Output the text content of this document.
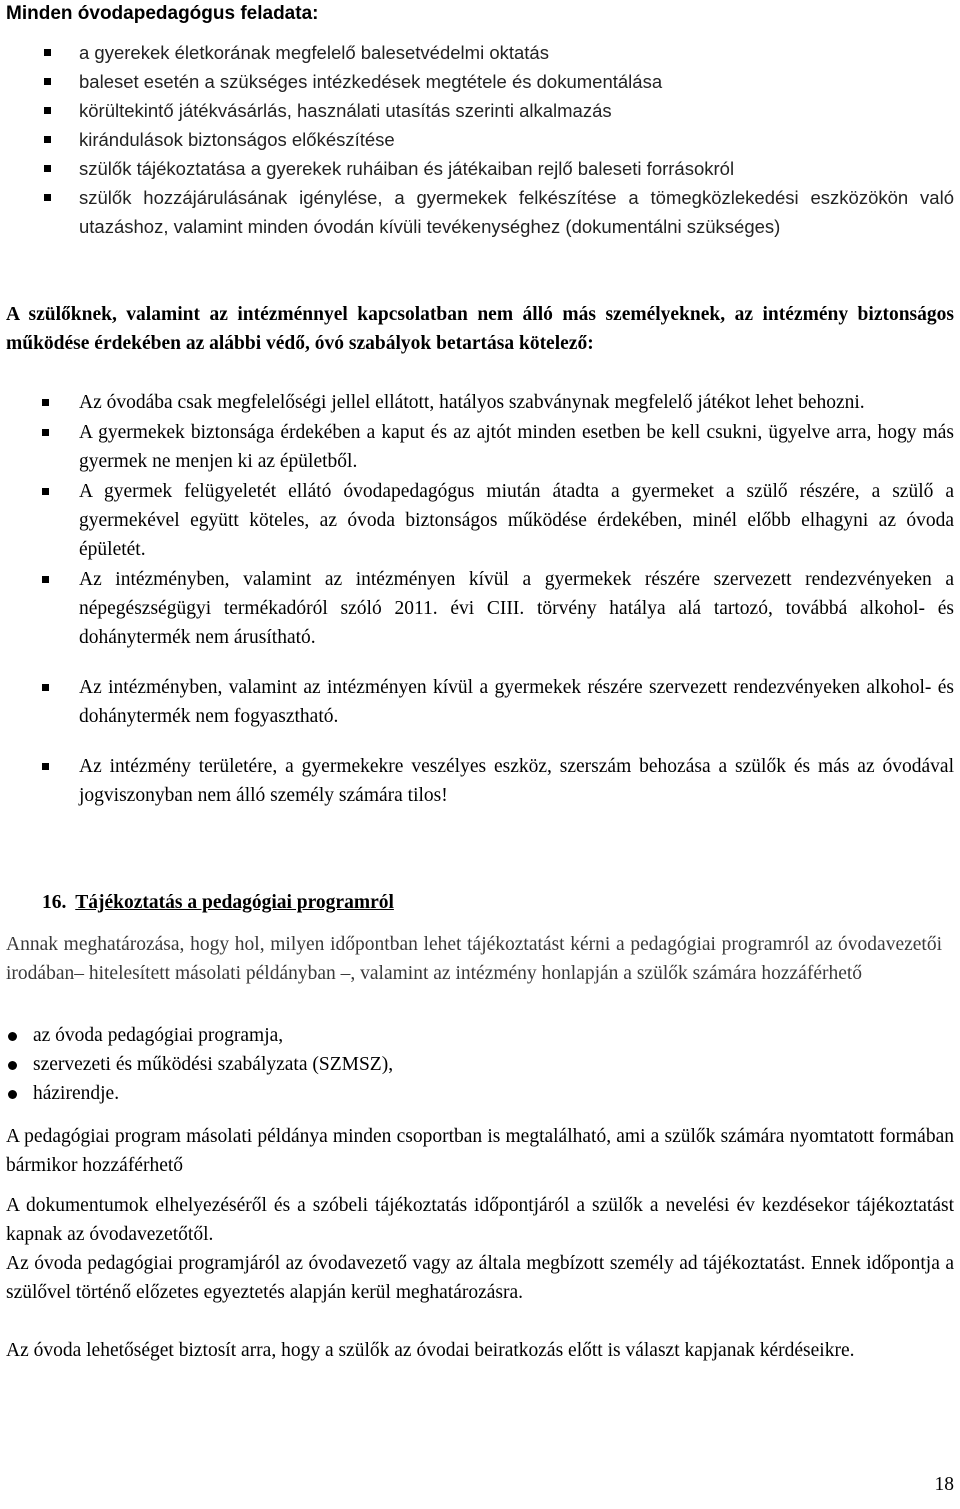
Minden óvodapedagógus feladata:
a gyerekek életkorának megfelelő balesetvédelmi oktatás
baleset esetén a szükséges intézkedések megtétele és dokumentálása
körültekintő játékvásárlás, használati utasítás szerinti alkalmazás
kirándulások biztonságos előkészítése
szülők tájékoztatása a gyerekek ruháiban és játékaiban rejlő baleseti forrásokról
szülők hozzájárulásának igénylése, a gyermekek felkészítése a tömegközlekedési eszközökön való utazáshoz, valamint minden óvodán kívüli tevékenységhez (dokumentálni szükséges)
A szülőknek, valamint az intézménnyel kapcsolatban nem álló más személyeknek, az intézmény biztonságos működése érdekében az alábbi védő, óvó szabályok betartása kötelező:
Az óvodába csak megfelelőségi jellel ellátott, hatályos szabványnak megfelelő játékot lehet behozni.
A gyermekek biztonsága érdekében a kaput és az ajtót minden esetben be kell csukni, ügyelve arra, hogy más gyermek ne menjen ki az épületből.
A gyermek felügyeletét ellátó óvodapedagógus miután átadta a gyermeket a szülő részére, a szülő a gyermekével együtt köteles, az óvoda biztonságos működése érdekében, minél előbb elhagyni az óvoda épületét.
Az intézményben, valamint az intézményen kívül a gyermekek részére szervezett rendezvényeken a népegészségügyi termékadóról szóló 2011. évi CIII. törvény hatálya alá tartozó, továbbá alkohol- és dohánytermék nem árusítható.
Az intézményben, valamint az intézményen kívül a gyermekek részére szervezett rendezvényeken alkohol- és dohánytermék nem fogyasztható.
Az intézmény területére, a gyermekekre veszélyes eszköz, szerszám behozása a szülők és más az óvodával jogviszonyban nem álló személy számára tilos!
16. Tájékoztatás a pedagógiai programról
Annak meghatározása, hogy hol, milyen időpontban lehet tájékoztatást kérni a pedagógiai programról az óvodavezetői irodában– hitelesített másolati példányban –, valamint az intézmény honlapján a szülők számára hozzáférhető
az óvoda pedagógiai programja,
szervezeti és működési szabályzata (SZMSZ),
házirendje.

A pedagógiai program másolati példánya minden csoportban is megtalálható, ami a szülők számára nyomtatott formában bármikor hozzáférhető

A dokumentumok elhelyezéséről és a szóbeli tájékoztatás időpontjáról a szülők a nevelési év kezdésekor tájékoztatást kapnak az óvodavezetőtől.

Az óvoda pedagógiai programjáról az óvodavezető vagy az általa megbízott személy ad tájékoztatást. Ennek időpontja a szülővel történő előzetes egyeztetés alapján kerül meghatározásra.

Az óvoda lehetőséget biztosít arra, hogy a szülők az óvodai beiratkozás előtt is választ kapjanak kérdéseikre.

18
